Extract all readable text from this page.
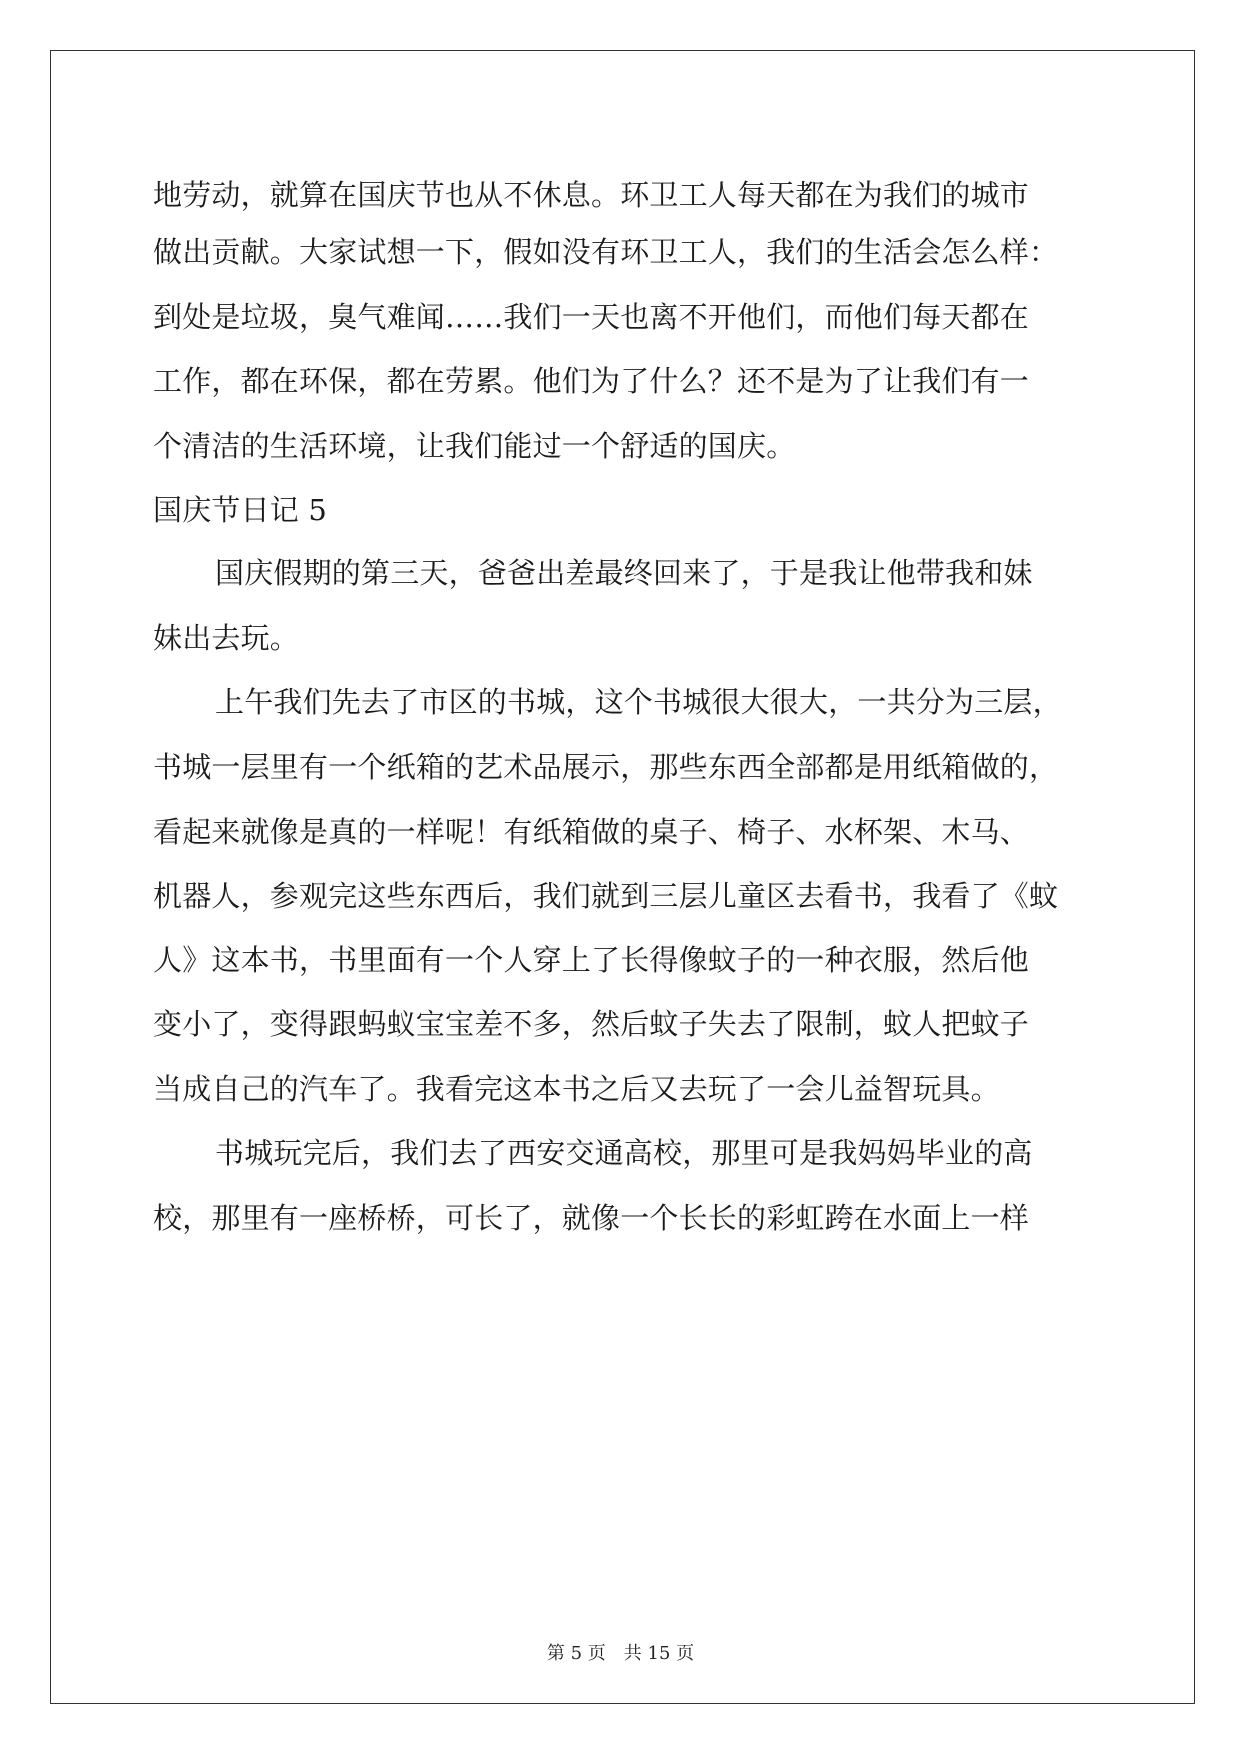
地劳动，就算在国庆节也从不休息。环卫工人每天都在为我们的城市
做出贡献。大家试想一下，假如没有环卫工人，我们的生活会怎么样：
到处是垃圾，臭气难闻……我们一天也离不开他们，而他们每天都在
工作，都在环保，都在劳累。他们为了什么？还不是为了让我们有一
个清洁的生活环境，让我们能过一个舒适的国庆。
国庆节日记 5
国庆假期的第三天，爸爸出差最终回来了，于是我让他带我和妹
妹出去玩。
上午我们先去了市区的书城，这个书城很大很大，一共分为三层，
书城一层里有一个纸箱的艺术品展示，那些东西全部都是用纸箱做的，
看起来就像是真的一样呢！有纸箱做的桌子、椅子、水杯架、木马、
机器人，参观完这些东西后，我们就到三层儿童区去看书，我看了《蚊
人》这本书，书里面有一个人穿上了长得像蚊子的一种衣服，然后他
变小了，变得跟蚂蚁宝宝差不多，然后蚊子失去了限制，蚊人把蚊子
当成自己的汽车了。我看完这本书之后又去玩了一会儿益智玩具。
书城玩完后，我们去了西安交通高校，那里可是我妈妈毕业的高
校，那里有一座桥桥，可长了，就像一个长长的彩虹跨在水面上一样
第 5 页 共 15 页
